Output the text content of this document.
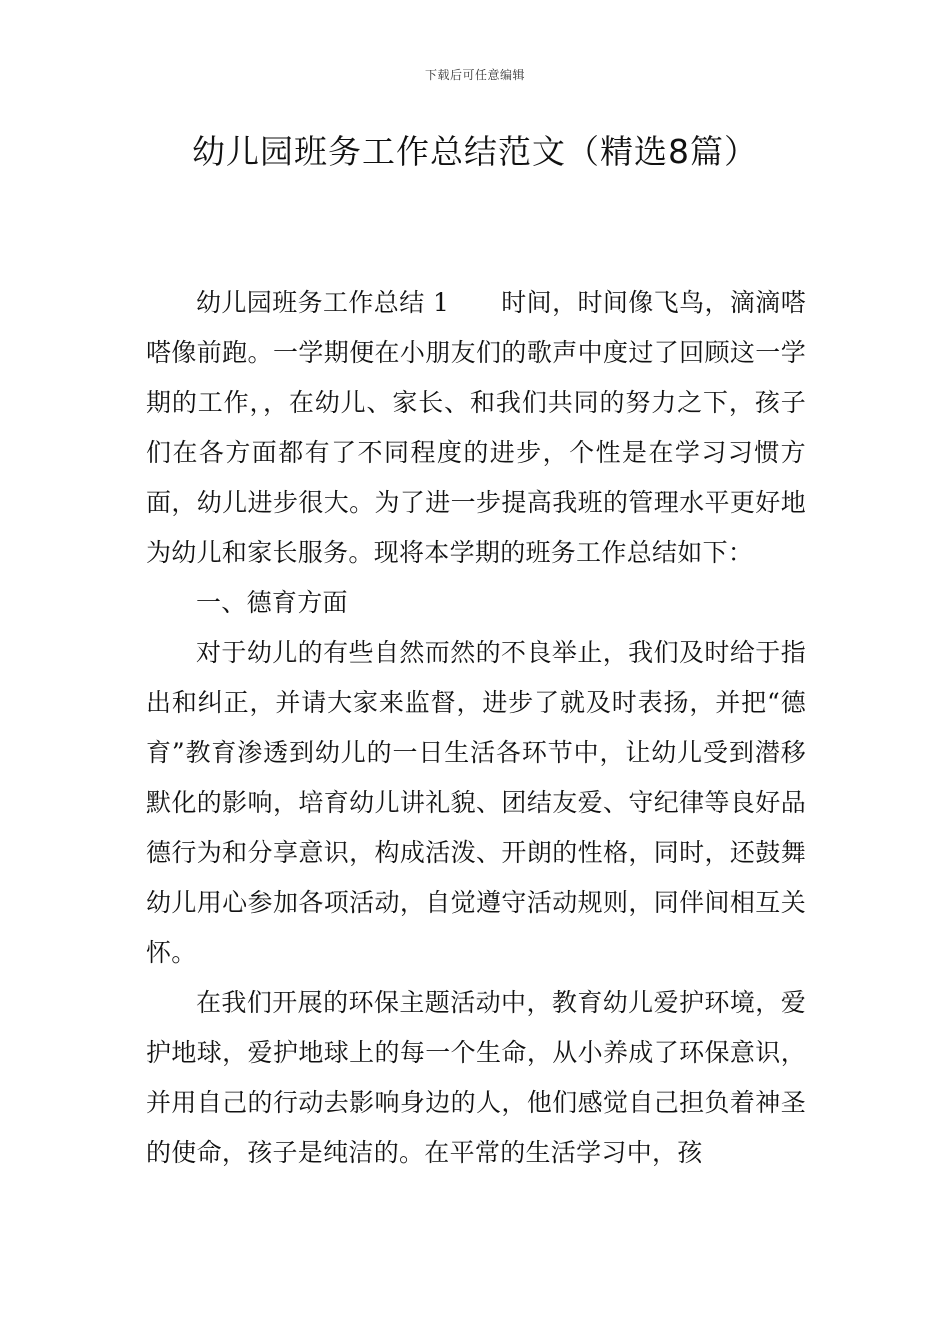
下载后可任意编辑
幼儿园班务工作总结范文（精选8篇）

幼儿园班务工作总结 1 时间，时间像飞鸟，滴滴嗒嗒像前跑。一学期便在小朋友们的歌声中度过了回顾这一学期的工作，，在幼儿、家长、和我们共同的努力之下，孩子们在各方面都有了不同程度的进步，个性是在学习习惯方面，幼儿进步很大。为了进一步提高我班的管理水平更好地为幼儿和家长服务。现将本学期的班务工作总结如下：

一、德育方面

对于幼儿的有些自然而然的不良举止，我们及时给于指出和纠正，并请大家来监督，进步了就及时表扬，并把“德育”教育渗透到幼儿的一日生活各环节中，让幼儿受到潜移默化的影响，培育幼儿讲礼貌、团结友爱、守纪律等良好品德行为和分享意识，构成活泼、开朗的性格，同时，还鼓舞幼儿用心参加各项活动，自觉遵守活动规则，同伴间相互关怀。

在我们开展的环保主题活动中，教育幼儿爱护环境，爱护地球，爱护地球上的每一个生命，从小养成了环保意识，并用自己的行动去影响身边的人，他们感觉自己担负着神圣的使命，孩子是纯洁的。在平常的生活学习中，孩
